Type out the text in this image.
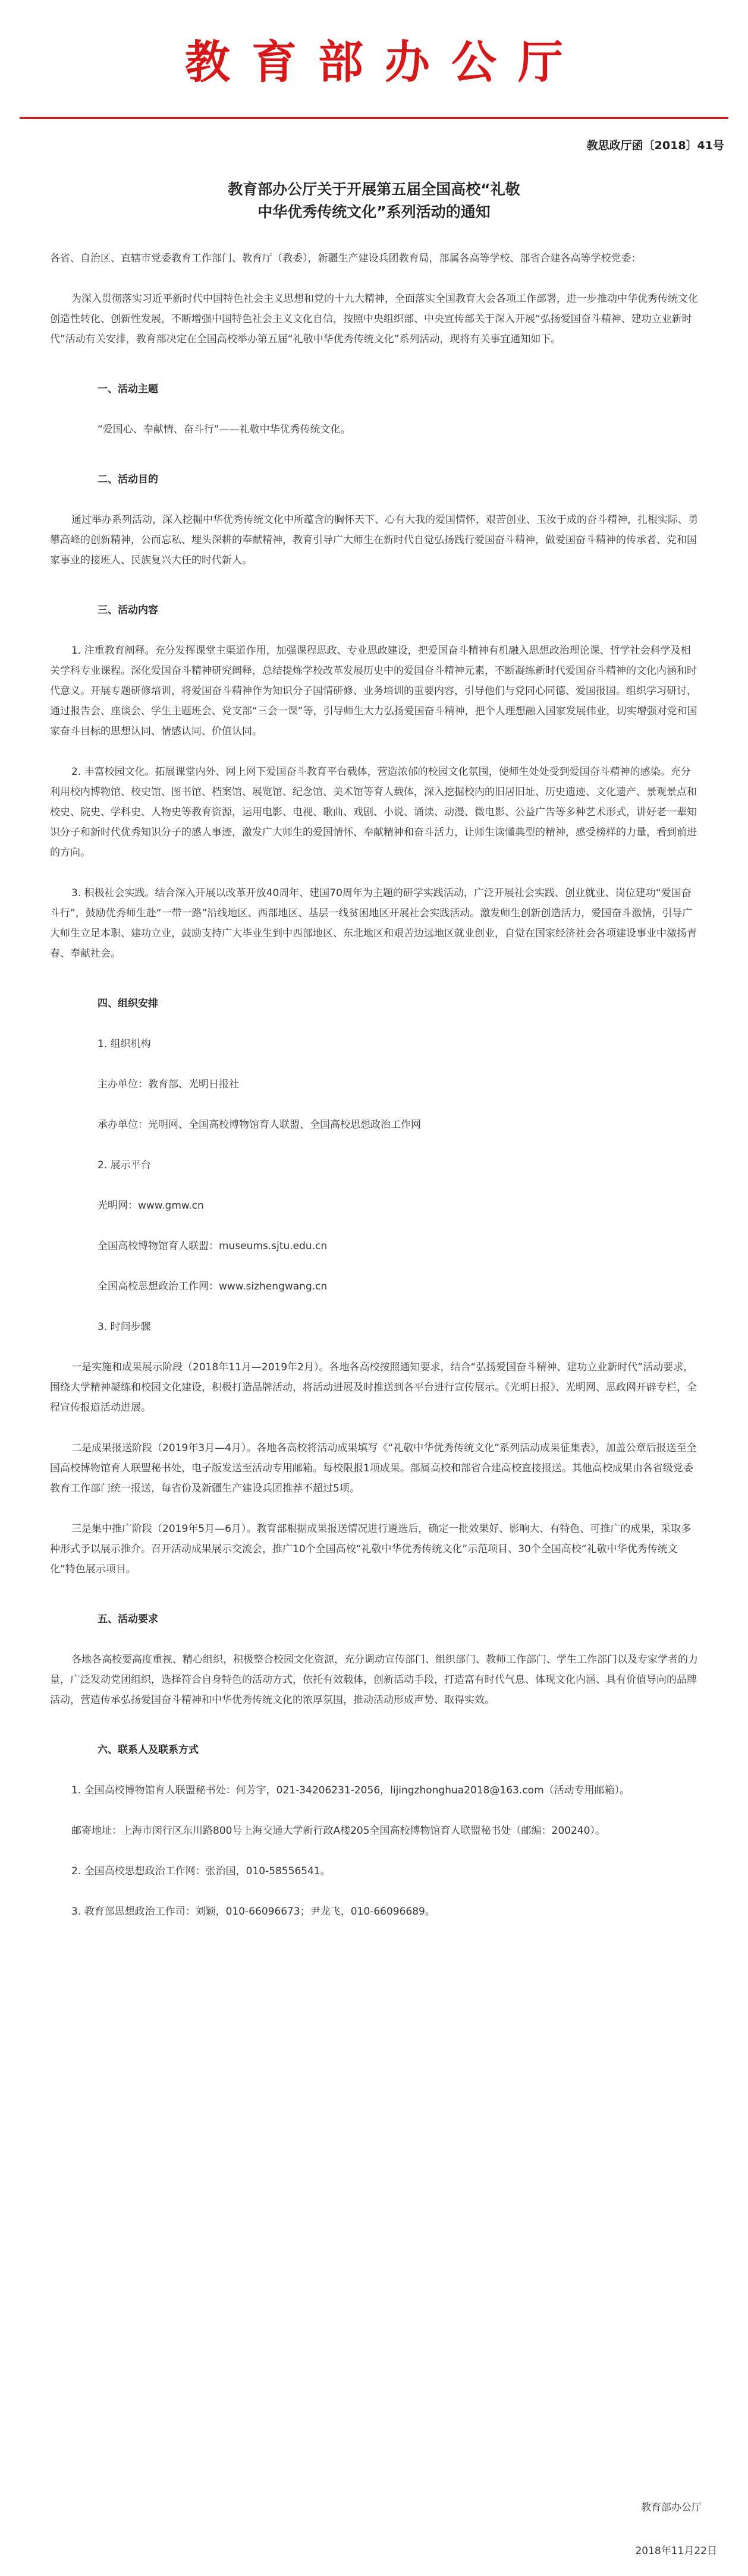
教育部办公厅
教思政厅函〔2018〕41号
教育部办公厅关于开展第五届全国高校“礼敬
中华优秀传统文化”系列活动的通知

各省、自治区、直辖市党委教育工作部门、教育厅（教委），新疆生产建设兵团教育局，部属各高等学校、部省合建各高等学校党委：

为深入贯彻落实习近平新时代中国特色社会主义思想和党的十九大精神，全面落实全国教育大会各项工作部署，进一步推动中华优秀传统文化创造性转化、创新性发展，不断增强中国特色社会主义文化自信，按照中央组织部、中央宣传部关于深入开展“弘扬爱国奋斗精神、建功立业新时代”活动有关安排，教育部决定在全国高校举办第五届“礼敬中华优秀传统文化”系列活动，现将有关事宜通知如下。

一、活动主题

“爱国心、奉献情、奋斗行”——礼敬中华优秀传统文化。

二、活动目的

通过举办系列活动，深入挖掘中华优秀传统文化中所蕴含的胸怀天下、心有大我的爱国情怀，艰苦创业、玉汝于成的奋斗精神，扎根实际、勇攀高峰的创新精神，公而忘私、埋头深耕的奉献精神，教育引导广大师生在新时代自觉弘扬践行爱国奋斗精神，做爱国奋斗精神的传承者、党和国家事业的接班人、民族复兴大任的时代新人。

三、活动内容

1. 注重教育阐释。充分发挥课堂主渠道作用，加强课程思政、专业思政建设，把爱国奋斗精神有机融入思想政治理论课、哲学社会科学及相关学科专业课程。深化爱国奋斗精神研究阐释，总结提炼学校改革发展历史中的爱国奋斗精神元素，不断凝练新时代爱国奋斗精神的文化内涵和时代意义。开展专题研修培训，将爱国奋斗精神作为知识分子国情研修、业务培训的重要内容，引导他们与党同心同德、爱国报国。组织学习研讨，通过报告会、座谈会、学生主题班会、党支部“三会一课”等，引导师生大力弘扬爱国奋斗精神，把个人理想融入国家发展伟业，切实增强对党和国家奋斗目标的思想认同、情感认同、价值认同。

2. 丰富校园文化。拓展课堂内外、网上网下爱国奋斗教育平台载体，营造浓郁的校园文化氛围，使师生处处受到爱国奋斗精神的感染。充分利用校内博物馆、校史馆、图书馆、档案馆、展览馆、纪念馆、美术馆等育人载体，深入挖掘校内的旧居旧址、历史遗迹、文化遗产、景观景点和校史、院史、学科史、人物史等教育资源，运用电影、电视、歌曲、戏剧、小说、诵读、动漫、微电影、公益广告等多种艺术形式，讲好老一辈知识分子和新时代优秀知识分子的感人事迹，激发广大师生的爱国情怀、奉献精神和奋斗活力，让师生读懂典型的精神，感受榜样的力量，看到前进的方向。

3. 积极社会实践。结合深入开展以改革开放40周年、建国70周年为主题的研学实践活动，广泛开展社会实践、创业就业、岗位建功“爱国奋斗行”，鼓励优秀师生赴“一带一路”沿线地区、西部地区、基层一线贫困地区开展社会实践活动。激发师生创新创造活力，爱国奋斗激情，引导广大师生立足本职、建功立业，鼓励支持广大毕业生到中西部地区、东北地区和艰苦边远地区就业创业，自觉在国家经济社会各项建设事业中激扬青春、奉献社会。

四、组织安排

1. 组织机构

主办单位：教育部、光明日报社

承办单位：光明网、全国高校博物馆育人联盟、全国高校思想政治工作网

2. 展示平台

光明网：www.gmw.cn

全国高校博物馆育人联盟：museums.sjtu.edu.cn

全国高校思想政治工作网：www.sizhengwang.cn

3. 时间步骤

一是实施和成果展示阶段（2018年11月—2019年2月）。各地各高校按照通知要求，结合“弘扬爱国奋斗精神、建功立业新时代”活动要求，围绕大学精神凝练和校园文化建设，积极打造品牌活动，将活动进展及时推送到各平台进行宣传展示。《光明日报》、光明网、思政网开辟专栏，全程宣传报道活动进展。

二是成果报送阶段（2019年3月—4月）。各地各高校将活动成果填写《“礼敬中华优秀传统文化”系列活动成果征集表》，加盖公章后报送至全国高校博物馆育人联盟秘书处，电子版发送至活动专用邮箱。每校限报1项成果。部属高校和部省合建高校直接报送。其他高校成果由各省级党委教育工作部门统一报送，每省份及新疆生产建设兵团推荐不超过5项。

三是集中推广阶段（2019年5月—6月）。教育部根据成果报送情况进行遴选后，确定一批效果好、影响大、有特色、可推广的成果，采取多种形式予以展示推介。召开活动成果展示交流会，推广10个全国高校“礼敬中华优秀传统文化”示范项目、30个全国高校“礼敬中华优秀传统文化”特色展示项目。

五、活动要求

各地各高校要高度重视、精心组织，积极整合校园文化资源，充分调动宣传部门、组织部门、教师工作部门、学生工作部门以及专家学者的力量，广泛发动党团组织，选择符合自身特色的活动方式，依托有效载体，创新活动手段，打造富有时代气息、体现文化内涵、具有价值导向的品牌活动，营造传承弘扬爱国奋斗精神和中华优秀传统文化的浓厚氛围，推动活动形成声势、取得实效。

六、联系人及联系方式

1. 全国高校博物馆育人联盟秘书处：何芳宇，021-34206231-2056，lijingzhonghua2018@163.com（活动专用邮箱）。

邮寄地址：上海市闵行区东川路800号上海交通大学新行政A楼205全国高校博物馆育人联盟秘书处（邮编：200240）。

2. 全国高校思想政治工作网：张治国，010-58556541。

3. 教育部思想政治工作司：刘颖，010-66096673；尹龙飞，010-66096689。

教育部办公厅
2018年11月22日
